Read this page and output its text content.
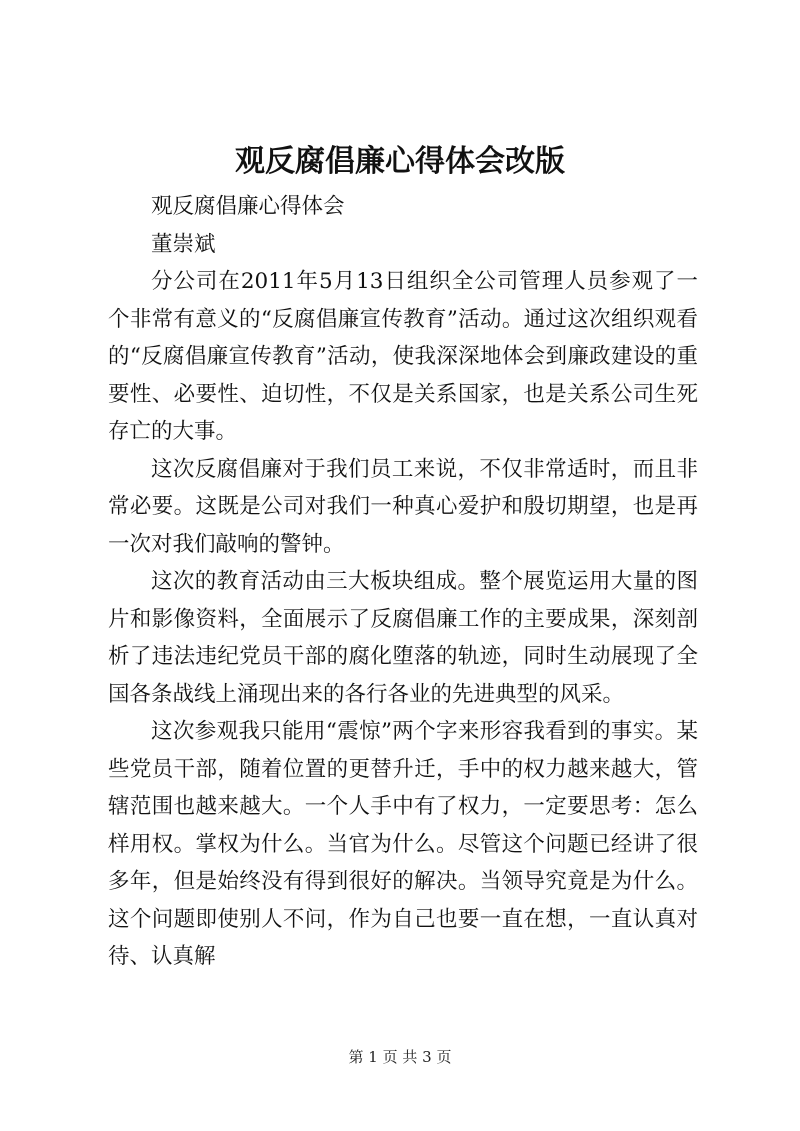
观反腐倡廉心得体会改版

观反腐倡廉心得体会

董崇斌

分公司在2011年5月13日组织全公司管理人员参观了一个非常有意义的“反腐倡廉宣传教育”活动。通过这次组织观看的“反腐倡廉宣传教育”活动，使我深深地体会到廉政建设的重要性、必要性、迫切性，不仅是关系国家，也是关系公司生死存亡的大事。

这次反腐倡廉对于我们员工来说，不仅非常适时，而且非常必要。这既是公司对我们一种真心爱护和殷切期望，也是再一次对我们敲响的警钟。

这次的教育活动由三大板块组成。整个展览运用大量的图片和影像资料，全面展示了反腐倡廉工作的主要成果，深刻剖析了违法违纪党员干部的腐化堕落的轨迹，同时生动展现了全国各条战线上涌现出来的各行各业的先进典型的风采。

这次参观我只能用“震惊”两个字来形容我看到的事实。某些党员干部，随着位置的更替升迁，手中的权力越来越大，管辖范围也越来越大。一个人手中有了权力，一定要思考：怎么样用权。掌权为什么。当官为什么。尽管这个问题已经讲了很多年，但是始终没有得到很好的解决。当领导究竟是为什么。这个问题即使别人不问，作为自己也要一直在想，一直认真对待、认真解

第 1 页 共 3 页
